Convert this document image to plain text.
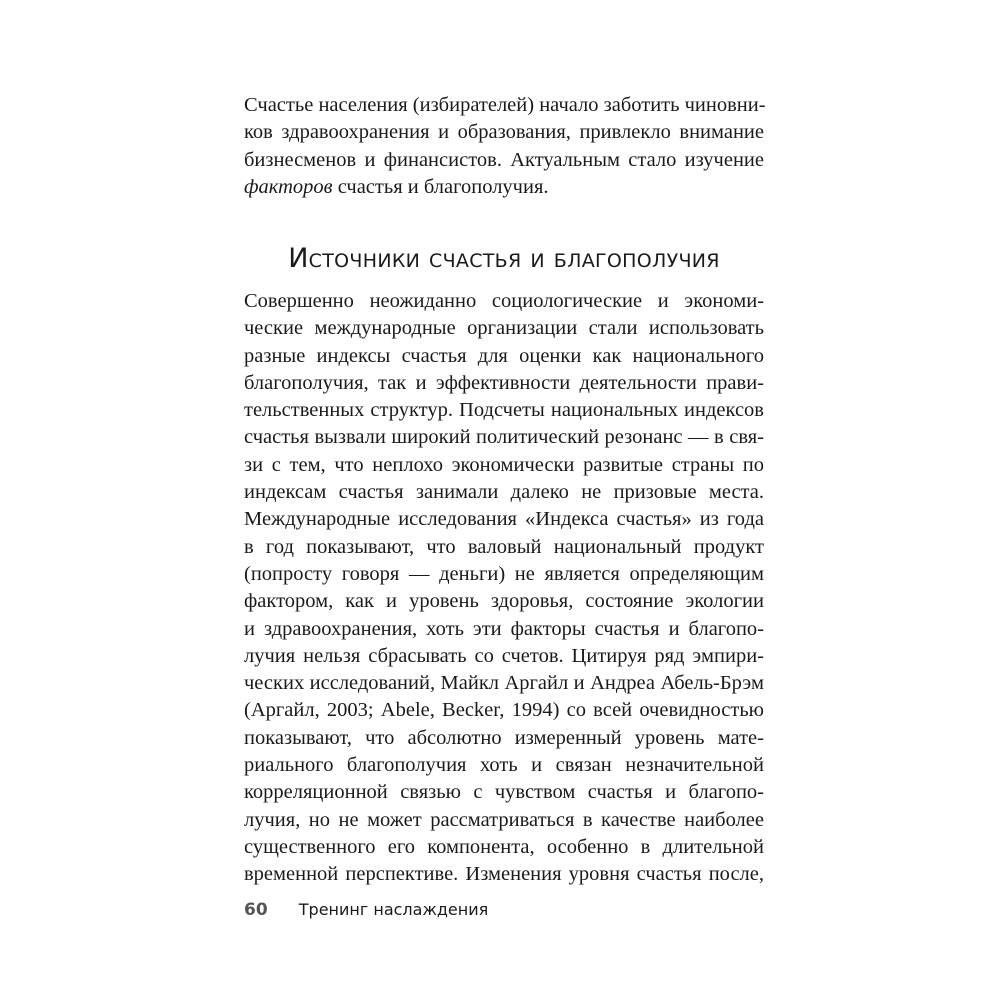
Счастье населения (избирателей) начало заботить чиновни-
ков здравоохранения и образования, привлекло внимание
бизнесменов и финансистов. Актуальным стало изучение
факторов счастья и благополучия.
Источники счастья и благополучия
Совершенно неожиданно социологические и экономи-
ческие международные организации стали использовать
разные индексы счастья для оценки как национального
благополучия, так и эффективности деятельности прави-
тельственных структур. Подсчеты национальных индексов
счастья вызвали широкий политический резонанс — в свя-
зи с тем, что неплохо экономически развитые страны по
индексам счастья занимали далеко не призовые места.
Международные исследования «Индекса счастья» из года
в год показывают, что валовый национальный продукт
(попросту говоря — деньги) не является определяющим
фактором, как и уровень здоровья, состояние экологии
и здравоохранения, хоть эти факторы счастья и благопо-
лучия нельзя сбрасывать со счетов. Цитируя ряд эмпири-
ческих исследований, Майкл Аргайл и Андреа Абель-Брэм
(Аргайл, 2003; Abele, Becker, 1994) со всей очевидностью
показывают, что абсолютно измеренный уровень матe-
риального благополучия хоть и связан незначительной
корреляционной связью с чувством счастья и благопо-
лучия, но не может рассматриваться в качестве наиболее
существенного его компонента, особенно в длительной
временной перспективе. Изменения уровня счастья после,
60 Тренинг наслаждения
